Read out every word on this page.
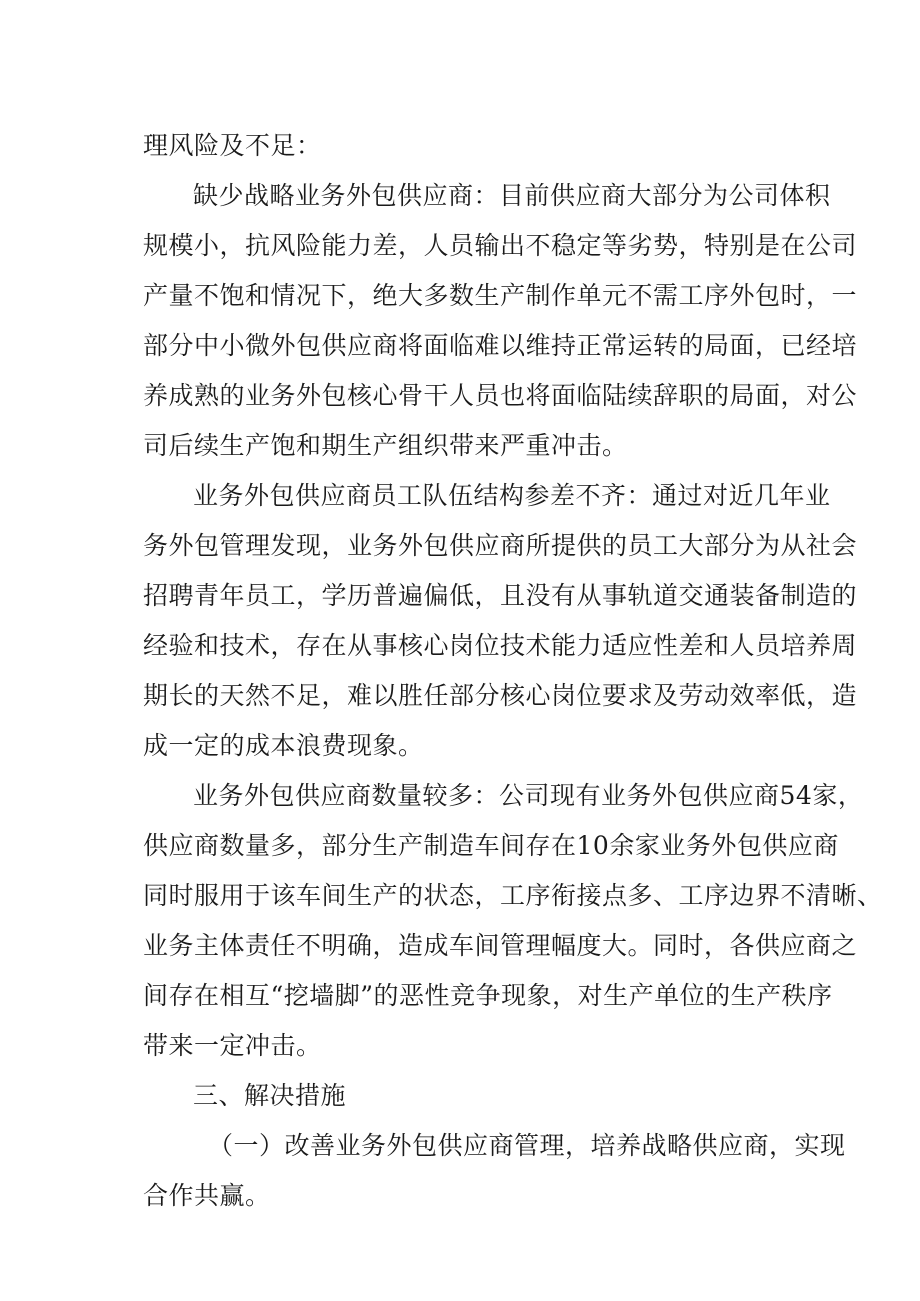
理风险及不足：
缺少战略业务外包供应商：目前供应商大部分为公司体积
规模小，抗风险能力差，人员输出不稳定等劣势，特别是在公司
产量不饱和情况下，绝大多数生产制作单元不需工序外包时，一
部分中小微外包供应商将面临难以维持正常运转的局面，已经培
养成熟的业务外包核心骨干人员也将面临陆续辞职的局面，对公
司后续生产饱和期生产组织带来严重冲击。
业务外包供应商员工队伍结构参差不齐：通过对近几年业
务外包管理发现，业务外包供应商所提供的员工大部分为从社会
招聘青年员工，学历普遍偏低，且没有从事轨道交通装备制造的
经验和技术，存在从事核心岗位技术能力适应性差和人员培养周
期长的天然不足，难以胜任部分核心岗位要求及劳动效率低，造
成一定的成本浪费现象。
业务外包供应商数量较多：公司现有业务外包供应商54家，
供应商数量多，部分生产制造车间存在10余家业务外包供应商
同时服用于该车间生产的状态，工序衔接点多、工序边界不清晰、
业务主体责任不明确，造成车间管理幅度大。同时，各供应商之
间存在相互“挖墙脚”的恶性竞争现象，对生产单位的生产秩序
带来一定冲击。
三、解决措施
（一）改善业务外包供应商管理，培养战略供应商，实现
合作共赢。
